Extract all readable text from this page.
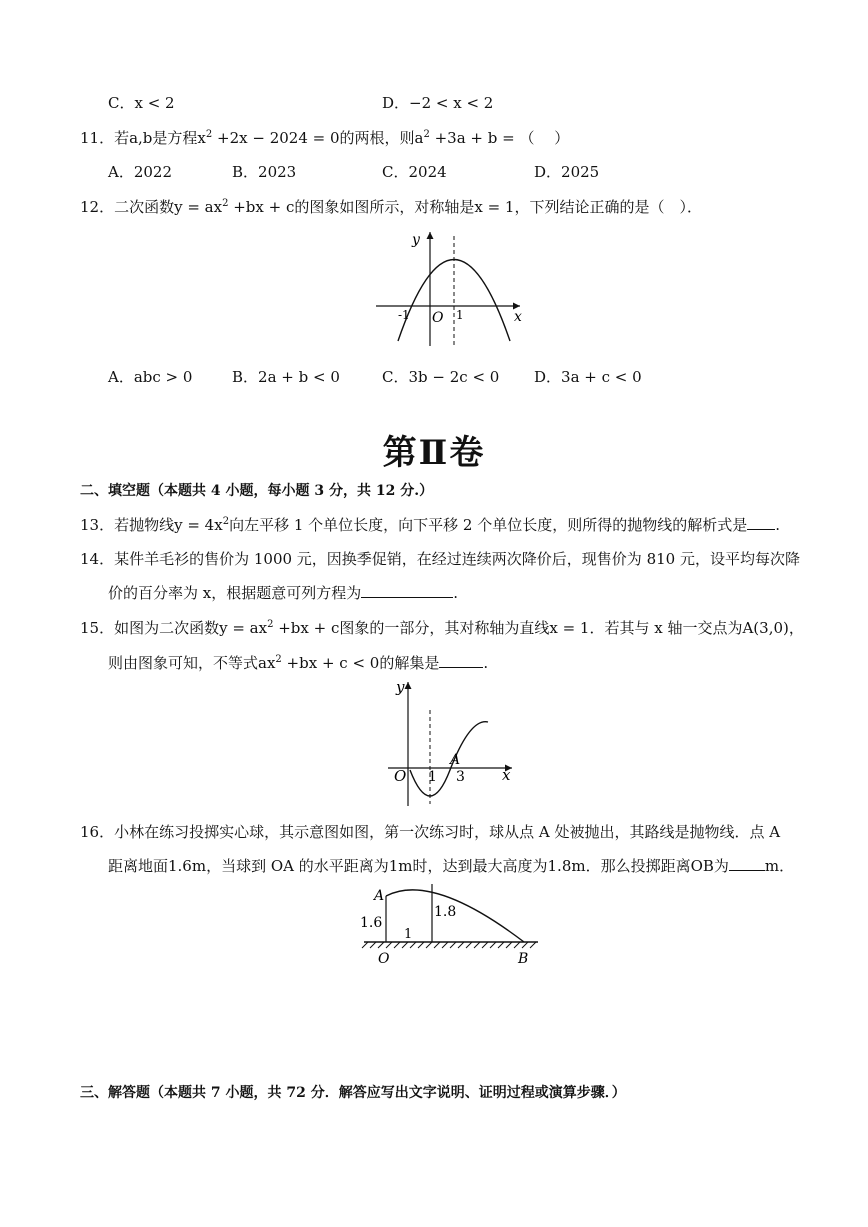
C．x < 2	D．−2 < x < 2
11．若a,b是方程$x^2 +2x - 2024 = 0$的两根，则$a^2 +3a + b$ = （　 ）
A．2022	B．2023	C．2024	D．2025
12．二次函数$y = ax^2 +bx + c$的图象如图所示，对称轴是x = 1，下列结论正确的是（　）．
y
x
O
-1	1
A．abc > 0	B．2a + b < 0	C．3b − 2c < 0 D．3a + c < 0
第Ⅱ卷
二、填空题（本题共 4 小题，每小题 3 分，共 12 分.）
13．若抛物线$y = 4x^2$向左平移 1 个单位长度，向下平移 2 个单位长度，则所得的抛物线的解析式是 .
14．某件羊毛衫的售价为 1000 元，因换季促销，在经过连续两次降价后，现售价为 810 元，设平均每次降
价的百分率为 x，根据题意可列方程为	.
15．如图为二次函数$y = ax^2 +bx + c$图象的一部分，其对称轴为直线x = 1．若其与 x 轴一交点为A(3,0)，
则由图象可知，不等式$ax^2 +bx + c < 0$的解集是	.
y
x
O 1 3
A
16．小林在练习投掷实心球，其示意图如图，第一次练习时，球从点 A 处被抛出，其路线是抛物线．点 A
距离地面1.6m，当球到 OA 的水平距离为1m时，达到最大高度为1.8m．那么投掷距离OB为 m．
A
1.6
1.8
1
O	B
三、解答题（本题共 7 小题，共 72 分．解答应写出文字说明、证明过程或演算步骤．）
